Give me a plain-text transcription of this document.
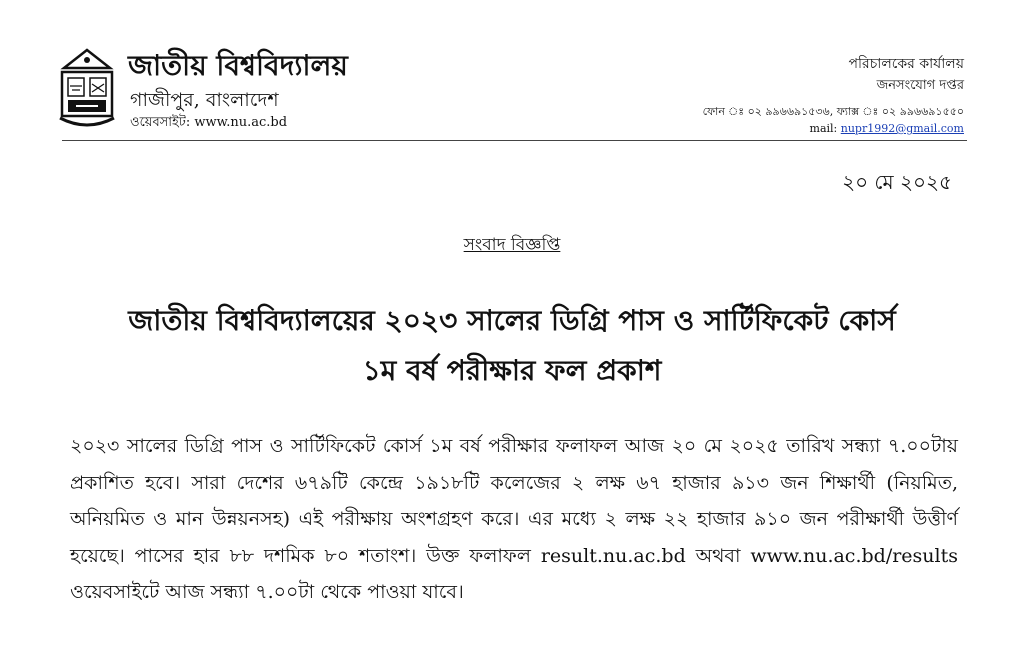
জাতীয় বিশ্ববিদ্যালয়
গাজীপুর, বাংলাদেশ
ওয়েবসাইট: www.nu.ac.bd
পরিচালকের কার্যালয়
জনসংযোগ দপ্তর
ফোন ঃ ০২ ৯৯৬৬৯১৫৩৬, ফ্যাক্স ঃ ০২ ৯৯৬৬৯১৫৫০
mail: nupr1992@gmail.com
২০ মে ২০২৫
সংবাদ বিজ্ঞপ্তি
জাতীয় বিশ্ববিদ্যালয়ের ২০২৩ সালের ডিগ্রি পাস ও সার্টিফিকেট কোর্স
১ম বর্ষ পরীক্ষার ফল প্রকাশ
২০২৩ সালের ডিগ্রি পাস ও সার্টিফিকেট কোর্স ১ম বর্ষ পরীক্ষার ফলাফল আজ ২০ মে ২০২৫ তারিখ সন্ধ্যা ৭.০০টায় প্রকাশিত হবে। সারা দেশের ৬৭৯টি কেন্দ্রে ১৯১৮টি কলেজের ২ লক্ষ ৬৭ হাজার ৯১৩ জন শিক্ষার্থী (নিয়মিত, অনিয়মিত ও মান উন্নয়নসহ) এই পরীক্ষায় অংশগ্রহণ করে। এর মধ্যে ২ লক্ষ ২২ হাজার ৯১০ জন পরীক্ষার্থী উত্তীর্ণ হয়েছে। পাসের হার ৮৮ দশমিক ৮০ শতাংশ। উক্ত ফলাফল result.nu.ac.bd অথবা www.nu.ac.bd/results ওয়েবসাইটে আজ সন্ধ্যা ৭.০০টা থেকে পাওয়া যাবে।
